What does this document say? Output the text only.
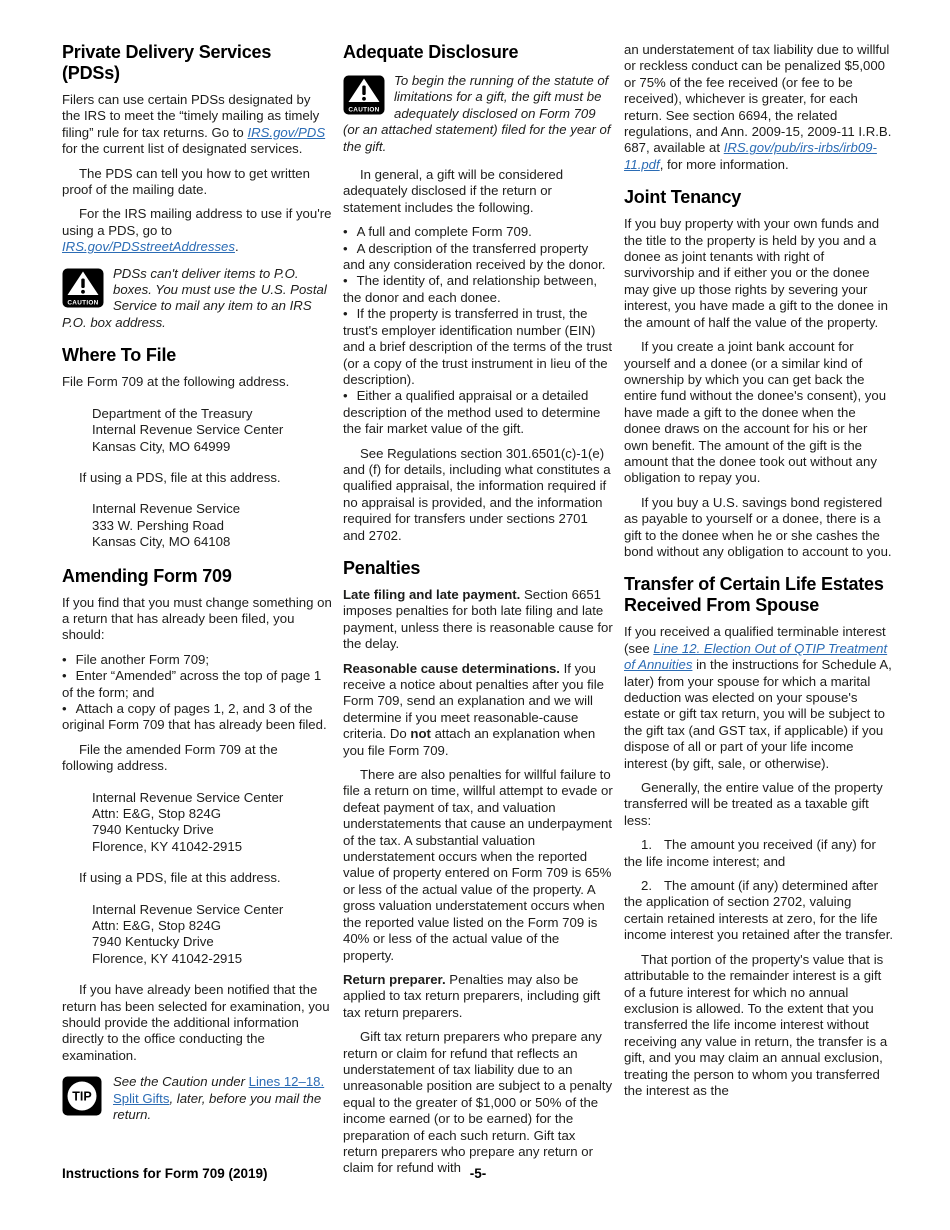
Private Delivery Services (PDSs)
Filers can use certain PDSs designated by the IRS to meet the “timely mailing as timely filing” rule for tax returns. Go to IRS.gov/PDS for the current list of designated services.
The PDS can tell you how to get written proof of the mailing date.
For the IRS mailing address to use if you're using a PDS, go to IRS.gov/PDSstreetAddresses.
CAUTION
PDSs can't deliver items to P.O. boxes. You must use the U.S. Postal Service to mail any item to an IRS P.O. box address.
Where To File
File Form 709 at the following address.
Department of the Treasury
Internal Revenue Service Center
Kansas City, MO 64999
If using a PDS, file at this address.
Internal Revenue Service
333 W. Pershing Road
Kansas City, MO 64108
Amending Form 709
If you find that you must change something on a return that has already been filed, you should:
• File another Form 709;
• Enter “Amended” across the top of page 1 of the form; and
• Attach a copy of pages 1, 2, and 3 of the original Form 709 that has already been filed.
File the amended Form 709 at the following address.
Internal Revenue Service Center
Attn: E&G, Stop 824G
7940 Kentucky Drive
Florence, KY 41042-2915
If using a PDS, file at this address.
Internal Revenue Service Center
Attn: E&G, Stop 824G
7940 Kentucky Drive
Florence, KY 41042-2915
If you have already been notified that the return has been selected for examination, you should provide the additional information directly to the office conducting the examination.
TIP
See the Caution under Lines 12–18. Split Gifts, later, before you mail the return.
Adequate Disclosure
CAUTION
To begin the running of the statute of limitations for a gift, the gift must be adequately disclosed on Form 709 (or an attached statement) filed for the year of the gift.
In general, a gift will be considered adequately disclosed if the return or statement includes the following.
• A full and complete Form 709.
• A description of the transferred property and any consideration received by the donor.
• The identity of, and relationship between, the donor and each donee.
• If the property is transferred in trust, the trust's employer identification number (EIN) and a brief description of the terms of the trust (or a copy of the trust instrument in lieu of the description).
• Either a qualified appraisal or a detailed description of the method used to determine the fair market value of the gift.
See Regulations section 301.6501(c)-1(e) and (f) for details, including what constitutes a qualified appraisal, the information required if no appraisal is provided, and the information required for transfers under sections 2701 and 2702.
Penalties
Late filing and late payment. Section 6651 imposes penalties for both late filing and late payment, unless there is reasonable cause for the delay.
Reasonable cause determinations. If you receive a notice about penalties after you file Form 709, send an explanation and we will determine if you meet reasonable-cause criteria. Do not attach an explanation when you file Form 709.
There are also penalties for willful failure to file a return on time, willful attempt to evade or defeat payment of tax, and valuation understatements that cause an underpayment of the tax. A substantial valuation understatement occurs when the reported value of property entered on Form 709 is 65% or less of the actual value of the property. A gross valuation understatement occurs when the reported value listed on the Form 709 is 40% or less of the actual value of the property.
Return preparer. Penalties may also be applied to tax return preparers, including gift tax return preparers.
Gift tax return preparers who prepare any return or claim for refund that reflects an understatement of tax liability due to an unreasonable position are subject to a penalty equal to the greater of $1,000 or 50% of the income earned (or to be earned) for the preparation of each such return. Gift tax return preparers who prepare any return or claim for refund with
an understatement of tax liability due to willful or reckless conduct can be penalized $5,000 or 75% of the fee received (or fee to be received), whichever is greater, for each return. See section 6694, the related regulations, and Ann. 2009-15, 2009-11 I.R.B. 687, available at IRS.gov/pub/irs-irbs/irb09-11.pdf, for more information.
Joint Tenancy
If you buy property with your own funds and the title to the property is held by you and a donee as joint tenants with right of survivorship and if either you or the donee may give up those rights by severing your interest, you have made a gift to the donee in the amount of half the value of the property.
If you create a joint bank account for yourself and a donee (or a similar kind of ownership by which you can get back the entire fund without the donee's consent), you have made a gift to the donee when the donee draws on the account for his or her own benefit. The amount of the gift is the amount that the donee took out without any obligation to repay you.
If you buy a U.S. savings bond registered as payable to yourself or a donee, there is a gift to the donee when he or she cashes the bond without any obligation to account to you.
Transfer of Certain Life Estates Received From Spouse
If you received a qualified terminable interest (see Line 12. Election Out of QTIP Treatment of Annuities in the instructions for Schedule A, later) from your spouse for which a marital deduction was elected on your spouse's estate or gift tax return, you will be subject to the gift tax (and GST tax, if applicable) if you dispose of all or part of your life income interest (by gift, sale, or otherwise).
Generally, the entire value of the property transferred will be treated as a taxable gift less:
1. The amount you received (if any) for the life income interest; and
2. The amount (if any) determined after the application of section 2702, valuing certain retained interests at zero, for the life income interest you retained after the transfer.
That portion of the property's value that is attributable to the remainder interest is a gift of a future interest for which no annual exclusion is allowed. To the extent that you transferred the life income interest without receiving any value in return, the transfer is a gift, and you may claim an annual exclusion, treating the person to whom you transferred the interest as the
Instructions for Form 709 (2019)	-5-
